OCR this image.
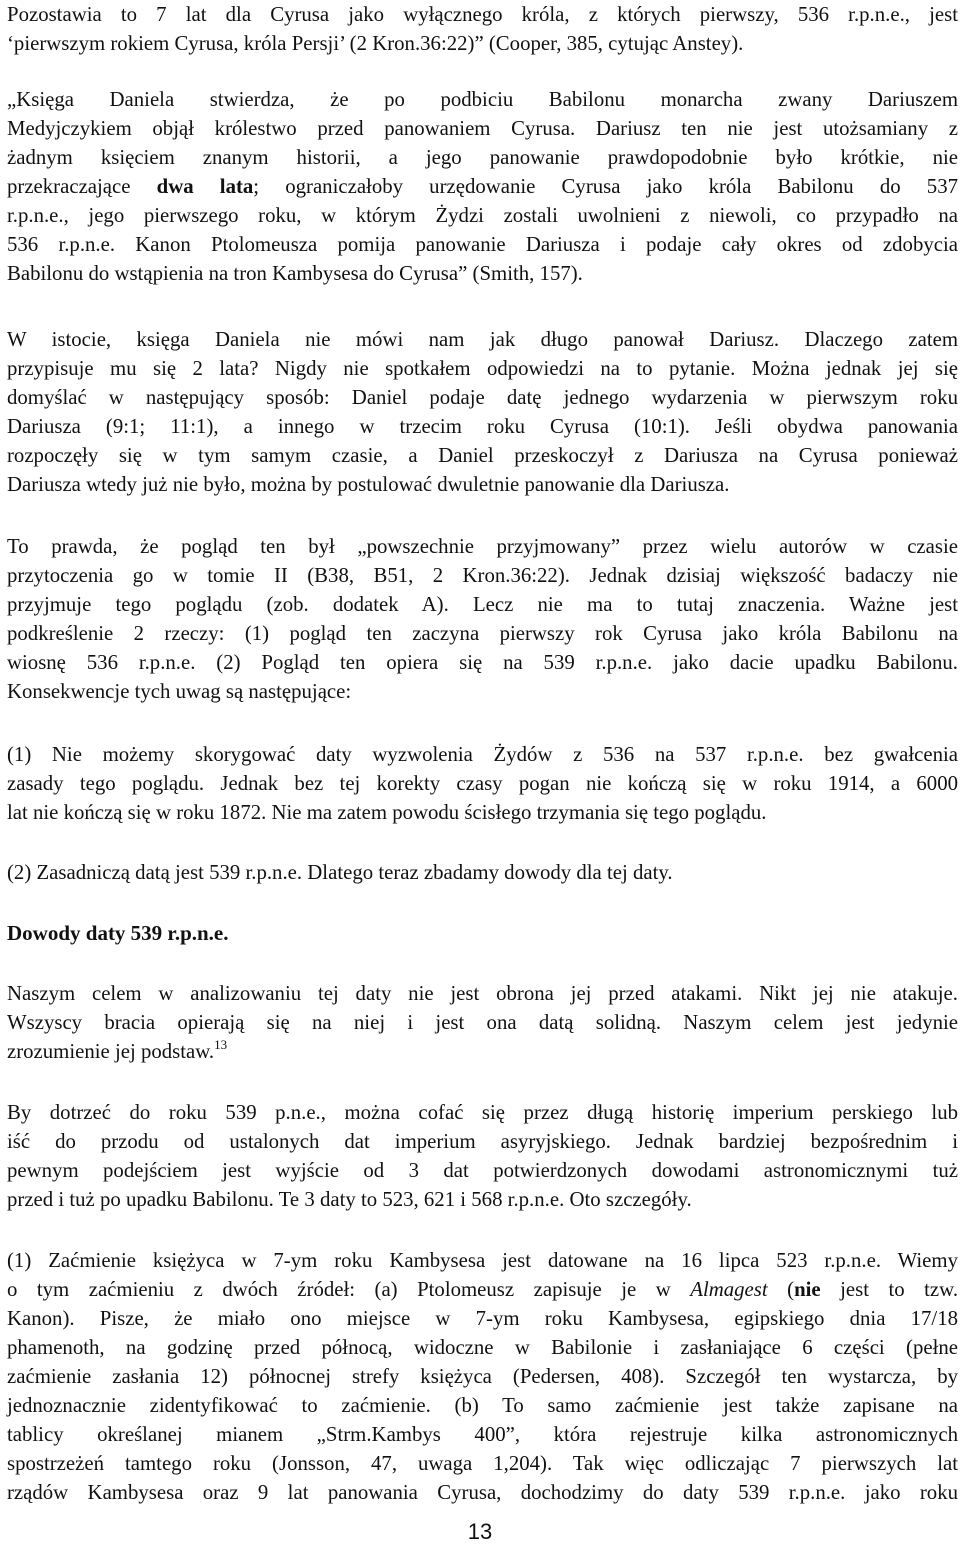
Pozostawia to 7 lat dla Cyrusa jako wyłącznego króla, z których pierwszy, 536 r.p.n.e., jest
‘pierwszym rokiem Cyrusa, króla Persji’ (2 Kron.36:22)” (Cooper, 385, cytując Anstey).
„Księga Daniela stwierdza, że po podbiciu Babilonu monarcha zwany Dariuszem
Medyjczykiem objął królestwo przed panowaniem Cyrusa. Dariusz ten nie jest utożsamiany z
żadnym księciem znanym historii, a jego panowanie prawdopodobnie było krótkie, nie
przekraczające dwa lata; ograniczałoby urzędowanie Cyrusa jako króla Babilonu do 537
r.p.n.e., jego pierwszego roku, w którym Żydzi zostali uwolnieni z niewoli, co przypadło na
536 r.p.n.e. Kanon Ptolomeusza pomija panowanie Dariusza i podaje cały okres od zdobycia
Babilonu do wstąpienia na tron Kambysesa do Cyrusa” (Smith, 157).
W istocie, księga Daniela nie mówi nam jak długo panował Dariusz. Dlaczego zatem
przypisuje mu się 2 lata? Nigdy nie spotkałem odpowiedzi na to pytanie. Można jednak jej się
domyślać w następujący sposób: Daniel podaje datę jednego wydarzenia w pierwszym roku
Dariusza (9:1; 11:1), a innego w trzecim roku Cyrusa (10:1). Jeśli obydwa panowania
rozpoczęły się w tym samym czasie, a Daniel przeskoczył z Dariusza na Cyrusa ponieważ
Dariusza wtedy już nie było, można by postulować dwuletnie panowanie dla Dariusza.
To prawda, że pogląd ten był „powszechnie przyjmowany” przez wielu autorów w czasie
przytoczenia go w tomie II (B38, B51, 2 Kron.36:22). Jednak dzisiaj większość badaczy nie
przyjmuje tego poglądu (zob. dodatek A). Lecz nie ma to tutaj znaczenia. Ważne jest
podkreślenie 2 rzeczy: (1) pogląd ten zaczyna pierwszy rok Cyrusa jako króla Babilonu na
wiosnę 536 r.p.n.e. (2) Pogląd ten opiera się na 539 r.p.n.e. jako dacie upadku Babilonu.
Konsekwencje tych uwag są następujące:
(1) Nie możemy skorygować daty wyzwolenia Żydów z 536 na 537 r.p.n.e. bez gwałcenia
zasady tego poglądu. Jednak bez tej korekty czasy pogan nie kończą się w roku 1914, a 6000
lat nie kończą się w roku 1872. Nie ma zatem powodu ścisłego trzymania się tego poglądu.
(2) Zasadniczą datą jest 539 r.p.n.e. Dlatego teraz zbadamy dowody dla tej daty.
Dowody daty 539 r.p.n.e.
Naszym celem w analizowaniu tej daty nie jest obrona jej przed atakami. Nikt jej nie atakuje.
Wszyscy bracia opierają się na niej i jest ona datą solidną. Naszym celem jest jedynie
zrozumienie jej podstaw.$^{13}$
By dotrzeć do roku 539 p.n.e., można cofać się przez długą historię imperium perskiego lub
iść do przodu od ustalonych dat imperium asyryjskiego. Jednak bardziej bezpośrednim i
pewnym podejściem jest wyjście od 3 dat potwierdzonych dowodami astronomicznymi tuż
przed i tuż po upadku Babilonu. Te 3 daty to 523, 621 i 568 r.p.n.e. Oto szczegóły.
(1) Zaćmienie księżyca w 7-ym roku Kambysesa jest datowane na 16 lipca 523 r.p.n.e. Wiemy
o tym zaćmieniu z dwóch źródeł: (a) Ptolomeusz zapisuje je w Almagest (nie jest to tzw.
Kanon). Pisze, że miało ono miejsce w 7-ym roku Kambysesa, egipskiego dnia 17/18
phamenoth, na godzinę przed północą, widoczne w Babilonie i zasłaniające 6 części (pełne
zaćmienie zasłania 12) północnej strefy księżyca (Pedersen, 408). Szczegół ten wystarcza, by
jednoznacznie zidentyfikować to zaćmienie. (b) To samo zaćmienie jest także zapisane na
tablicy określanej mianem „Strm.Kambys 400”, która rejestruje kilka astronomicznych
spostrzeżeń tamtego roku (Jonsson, 47, uwaga 1,204). Tak więc odliczając 7 pierwszych lat
rządów Kambysesa oraz 9 lat panowania Cyrusa, dochodzimy do daty 539 r.p.n.e. jako roku
13
